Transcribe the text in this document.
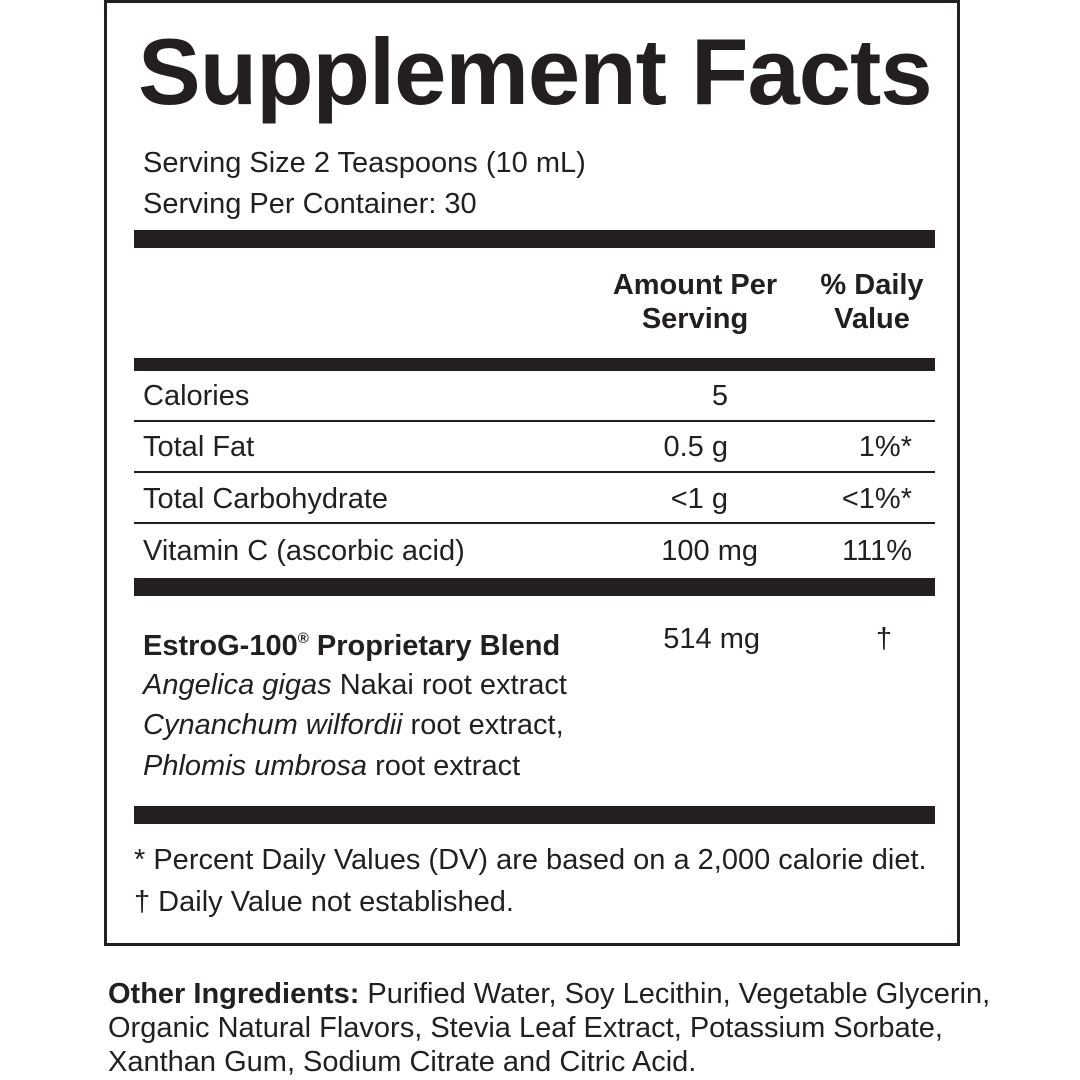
Supplement Facts
Serving Size 2 Teaspoons (10 mL)
Serving Per Container: 30
Amount Per
Serving
% Daily
Value
Calories	5
Total Fat	0.5 g	1%*
Total Carbohydrate	<1 g	<1%*
Vitamin C (ascorbic acid)	100 mg	111%
EstroG-100® Proprietary Blend	514 mg	†
Angelica gigas Nakai root extract
Cynanchum wilfordii root extract,
Phlomis umbrosa root extract
* Percent Daily Values (DV) are based on a 2,000 calorie diet.
† Daily Value not established.
Other Ingredients: Purified Water, Soy Lecithin, Vegetable Glycerin, Organic Natural Flavors, Stevia Leaf Extract, Potassium Sorbate, Xanthan Gum, Sodium Citrate and Citric Acid.
